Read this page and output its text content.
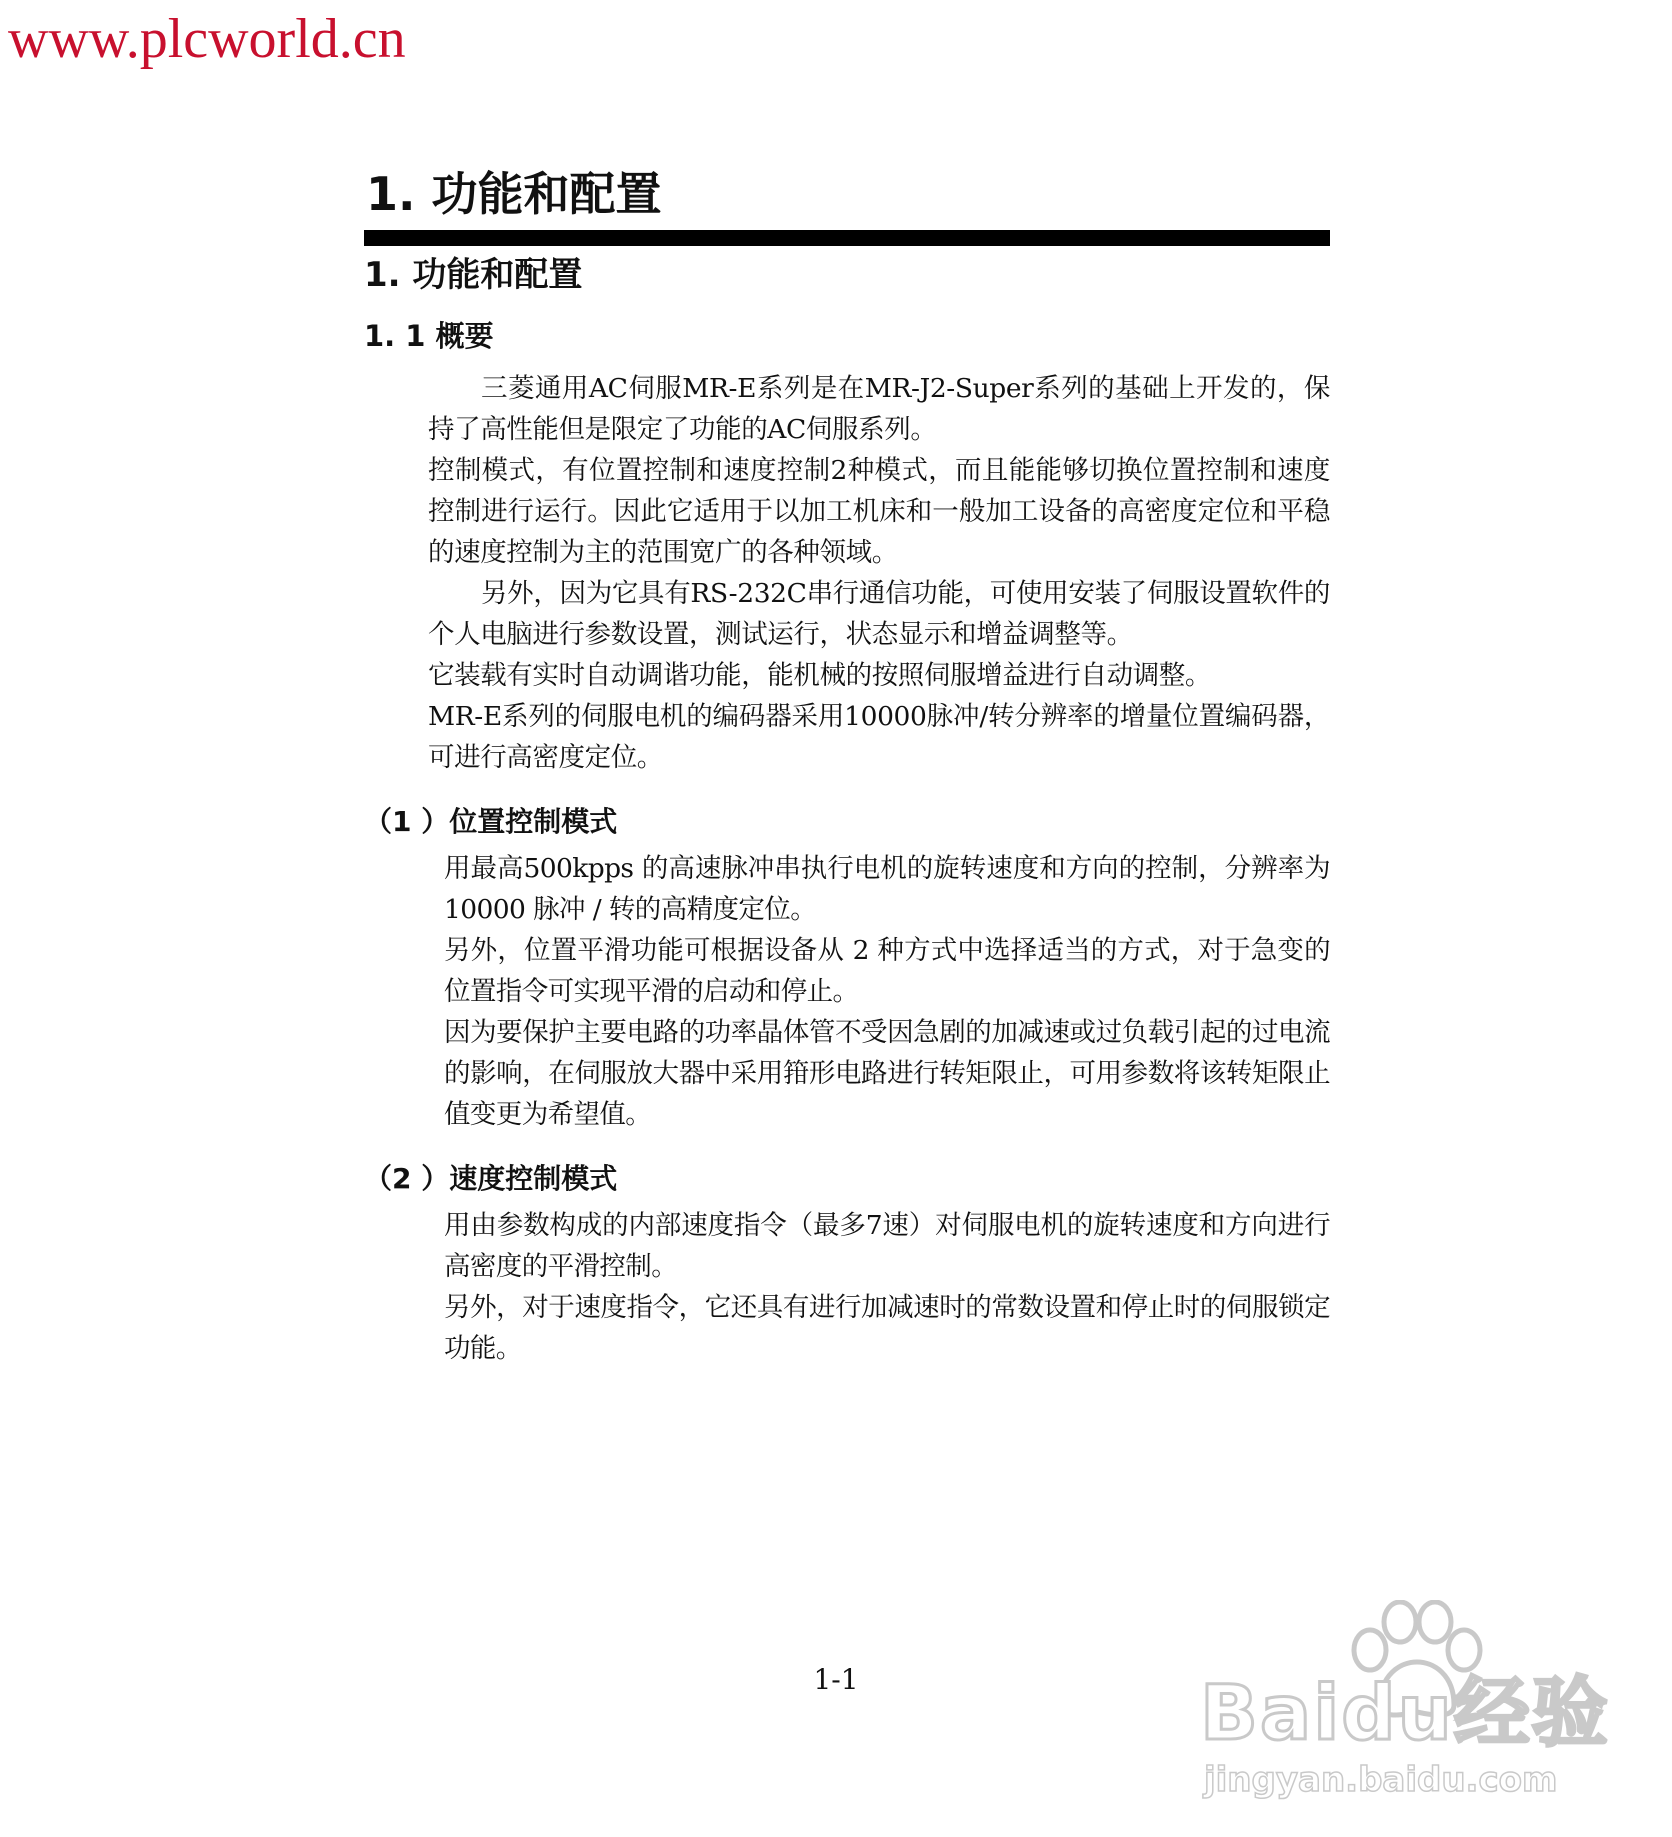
www.plcworld.cn
1. 功能和配置
1. 功能和配置
1. 1 概要

三菱通用AC伺服MR-E系列是在MR-J2-Super系列的基础上开发的，保持了高性能但是限定了功能的AC伺服系列。

控制模式，有位置控制和速度控制2种模式，而且能能够切换位置控制和速度控制进行运行。因此它适用于以加工机床和一般加工设备的高密度定位和平稳的速度控制为主的范围宽广的各种领域。

另外，因为它具有RS-232C串行通信功能，可使用安装了伺服设置软件的个人电脑进行参数设置，测试运行，状态显示和增益调整等。

它装载有实时自动调谐功能，能机械的按照伺服增益进行自动调整。

MR-E系列的伺服电机的编码器采用10000脉冲/转分辨率的增量位置编码器，可进行高密度定位。

（1 ）位置控制模式

用最高500kpps 的高速脉冲串执行电机的旋转速度和方向的控制，分辨率为 10000 脉冲 / 转的高精度定位。

另外，位置平滑功能可根据设备从 2 种方式中选择适当的方式，对于急变的位置指令可实现平滑的启动和停止。

因为要保护主要电路的功率晶体管不受因急剧的加减速或过负载引起的过电流的影响，在伺服放大器中采用箝形电路进行转矩限止，可用参数将该转矩限止值变更为希望值。

（2 ）速度控制模式

用由参数构成的内部速度指令（最多7速）对伺服电机的旋转速度和方向进行高密度的平滑控制。

另外，对于速度指令，它还具有进行加减速时的常数设置和停止时的伺服锁定功能。

1-1	Baidu经验
jingyan.baidu.com
